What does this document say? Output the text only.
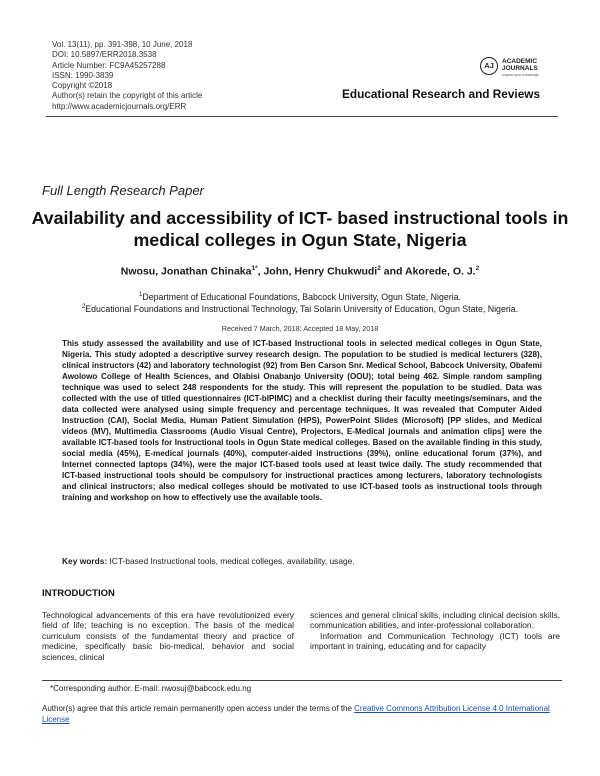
Vol. 13(11), pp. 391-398, 10 June, 2018
DOI: 10.5897/ERR2018.3538
Article Number: FC9A45257288
ISSN: 1990-3839
Copyright ©2018
Author(s) retain the copyright of this article
http://www.academicjournals.org/ERR
AJ	ACADEMIC
JOURNALS
expand your knowledge
Educational Research and Reviews
Full Length Research Paper
Availability and accessibility of ICT- based instructional tools in medical colleges in Ogun State, Nigeria
Nwosu, Jonathan Chinaka$^{1*}$, John, Henry Chukwudi$^2$ and Akorede, O. J.$^2$
$^1$Department of Educational Foundations, Babcock University, Ogun State, Nigeria.
$^2$Educational Foundations and Instructional Technology, Tai Solarin University of Education, Ogun State, Nigeria.
Received 7 March, 2018; Accepted 18 May, 2018
This study assessed the availability and use of ICT-based Instructional tools in selected medical colleges in Ogun State, Nigeria. This study adopted a descriptive survey research design. The population to be studied is medical lecturers (328), clinical instructors (42) and laboratory technologist (92) from Ben Carson Snr. Medical School, Babcock University, Obafemi Awolowo College of Health Sciences, and Olabisi Onabanjo University (OOU); total being 462. Simple random sampling technique was used to select 248 respondents for the study. This will represent the population to be studied. Data was collected with the use of titled questionnaires (ICT-bIPIMC) and a checklist during their faculty meetings/seminars, and the data collected were analysed using simple frequency and percentage techniques. It was revealed that Computer Aided Instruction (CAI), Social Media, Human Patient Simulation (HPS), PowerPoint Slides (Microsoft) [PP slides, and Medical videos (MV), Multimedia Classrooms (Audio Visual Centre), Projectors, E-Medical journals and animation clips] were the available ICT-based tools for Instructional tools in Ogun State medical colleges. Based on the available finding in this study, social media (45%), E-medical journals (40%), computer-aided instructions (39%), online educational forum (37%), and Internet connected laptops (34%), were the major ICT-based tools used at least twice daily. The study recommended that ICT-based instructional tools should be compulsory for instructional practices among lecturers, laboratory technologists and clinical instructors; also medical colleges should be motivated to use ICT-based tools as instructional tools through training and workshop on how to effectively use the available tools.
Key words: ICT-based Instructional tools, medical colleges, availability, usage.
INTRODUCTION

Technological advancements of this era have revolutionized every field of life; teaching is no exception. The basis of the medical curriculum consists of the fundamental theory and practice of medicine, specifically basic bio-medical, behavior and social sciences, clinical

sciences and general clinical skills, including clinical decision skills, communication abilities, and inter-professional collaboration.

Information and Communication Technology (ICT) tools are important in training, educating and for capacity

*Corresponding author. E-mail: nwosuj@babcock.edu.ng
Author(s) agree that this article remain permanently open access under the terms of the Creative Commons Attribution License 4.0 International License
